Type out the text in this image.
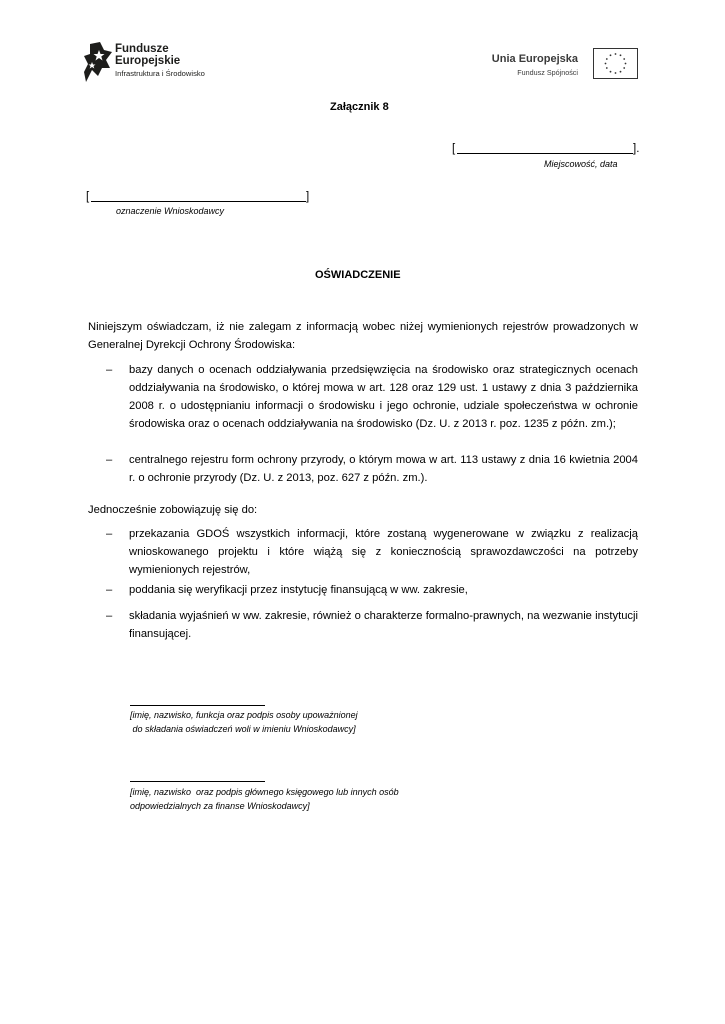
Fundusze
Europejskie
Infrastruktura i Środowisko
Unia Europejska
Fundusz Spójności
Załącznik 8
[	].
Miejscowość, data
[	]
oznaczenie Wnioskodawcy
OŚWIADCZENIE
Niniejszym oświadczam, iż nie zalegam z informacją wobec niżej wymienionych rejestrów prowadzonych w Generalnej Dyrekcji Ochrony Środowiska:
– bazy danych o ocenach oddziaływania przedsięwzięcia na środowisko oraz strategicznych ocenach oddziaływania na środowisko, o której mowa w art. 128 oraz 129 ust. 1 ustawy z dnia 3 października 2008 r. o udostępnianiu informacji o środowisku i jego ochronie, udziale społeczeństwa w ochronie środowiska oraz o ocenach oddziaływania na środowisko (Dz. U. z 2013 r. poz. 1235 z późn. zm.);
– centralnego rejestru form ochrony przyrody, o którym mowa w art. 113 ustawy z dnia 16 kwietnia 2004 r. o ochronie przyrody (Dz. U. z 2013, poz. 627 z późn. zm.).
Jednocześnie zobowiązuję się do:
– przekazania GDOŚ wszystkich informacji, które zostaną wygenerowane w związku z realizacją wnioskowanego projektu i które wiążą się z koniecznością sprawozdawczości na potrzeby wymienionych rejestrów,
– poddania się weryfikacji przez instytucję finansującą w ww. zakresie,
– składania wyjaśnień w ww. zakresie, również o charakterze formalno-prawnych, na wezwanie instytucji finansującej.
[imię, nazwisko, funkcja oraz podpis osoby upoważnionej
do składania oświadczeń woli w imieniu Wnioskodawcy]
[imię, nazwisko  oraz podpis głównego księgowego lub innych osób
odpowiedzialnych za finanse Wnioskodawcy]
